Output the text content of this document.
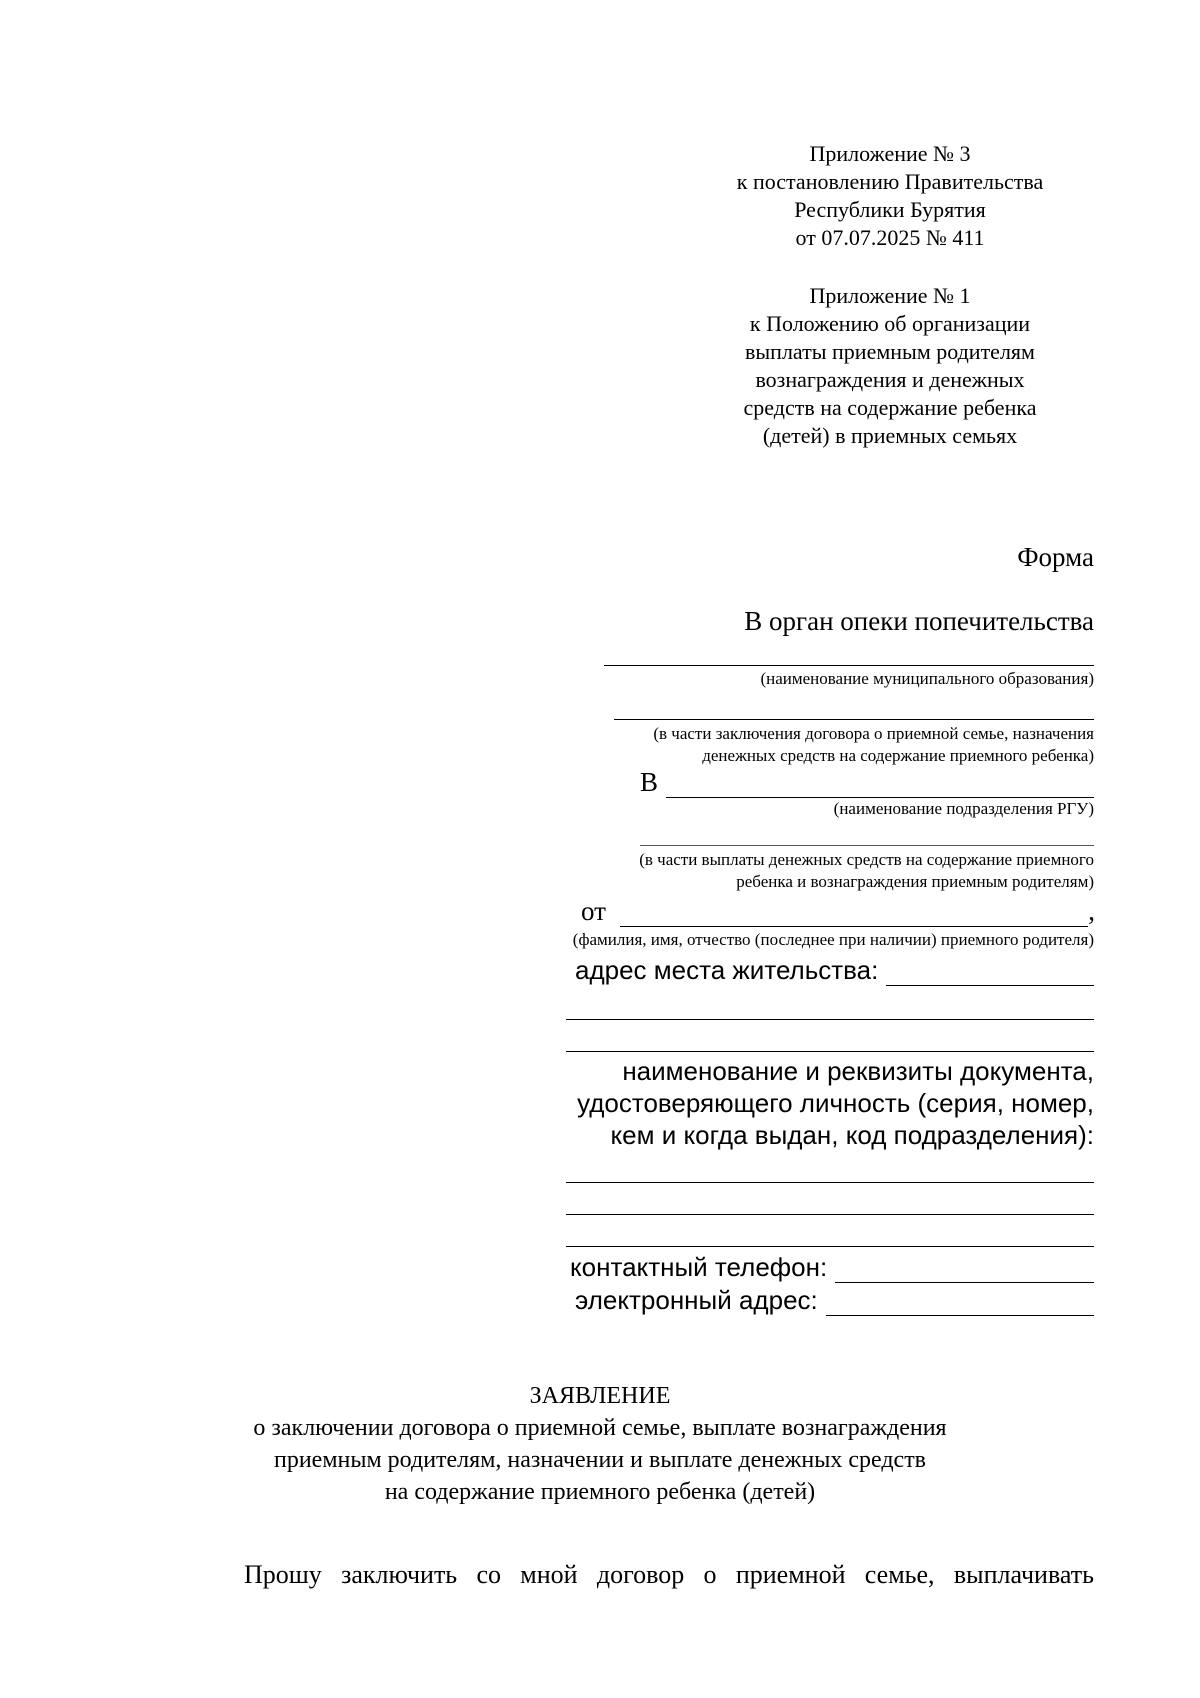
Приложение № 3
к постановлению Правительства
Республики Бурятия
от 07.07.2025 № 411
Приложение № 1
к Положению об организации
выплаты приемным родителям
вознаграждения и денежных
средств на содержание ребенка
(детей) в приемных семьях
Форма
В орган опеки попечительства
(наименование муниципального образования)
(в части заключения договора о приемной семье, назначения
денежных средств на содержание приемного ребенка)
В
(наименование подразделения РГУ)
(в части выплаты денежных средств на содержание приемного
ребенка и вознаграждения приемным родителям)
от	,
(фамилия, имя, отчество (последнее при наличии) приемного родителя)
адрес места жительства:
наименование и реквизиты документа,
удостоверяющего личность (серия, номер,
кем и когда выдан, код подразделения):
контактный телефон:
электронный адрес:
ЗАЯВЛЕНИЕ
о заключении договора о приемной семье, выплате вознаграждения
приемным родителям, назначении и выплате денежных средств
на содержание приемного ребенка (детей)
Прошу заключить со мной договор о приемной семье, выплачивать
